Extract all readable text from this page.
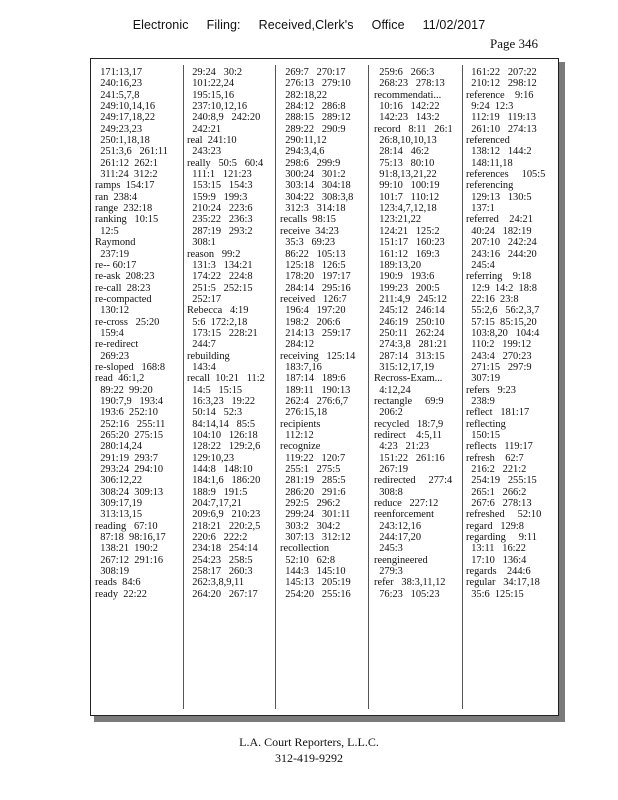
Electronic Filing: Received,Clerk's Office 11/02/2017
Page 346
171:13,17
240:16,23
241:5,7,8
249:10,14,16
249:17,18,22
249:23,23
250:1,18,18
251:3,6   261:11
261:12  262:1
311:24  312:2
ramps  154:17
ran  238:4
range  232:18
ranking   10:15
12:5
Raymond
237:19
re-- 60:17
re-ask  208:23
re-call  28:23
re-compacted
130:12
re-cross   25:20
159:4
re-redirect
269:23
re-sloped   168:8
read  46:1,2
89:22  99:20
190:7,9   193:4
193:6  252:10
252:16   255:11
265:20  275:15
280:14,24
291:19  293:7
293:24  294:10
306:12,22
308:24  309:13
309:17,19
313:13,15
reading   67:10
87:18  98:16,17
138:21  190:2
267:12  291:16
308:19
reads  84:6
ready  22:22
29:24   30:2
101:22,24
195:15,16
237:10,12,16
240:8,9   242:20
242:21
real  241:10
243:23
really   50:5   60:4
111:1   121:23
153:15   154:3
159:9   199:3
210:24   223:6
235:22   236:3
287:19   293:2
308:1
reason   99:2
131:3   134:21
174:22   224:8
251:5   252:15
252:17
Rebecca   4:19
5:6  172:2,18
173:15   228:21
244:7
rebuilding
143:4
recall  10:21   11:2
14:5   15:15
16:3,23   19:22
50:14   52:3
84:14,14   85:5
104:10   126:18
128:22   129:2,6
129:10,23
144:8   148:10
184:1,6   186:20
188:9   191:5
204:7,17,21
209:6,9   210:23
218:21   220:2,5
220:6   222:2
234:18   254:14
254:23   258:5
258:17   260:3
262:3,8,9,11
264:20   267:17
269:7   270:17
276:13   279:10
282:18,22
284:12   286:8
288:15   289:12
289:22   290:9
290:11,12
294:3,4,6
298:6   299:9
300:24   301:2
303:14   304:18
304:22   308:3,8
312:3   314:18
recalls  98:15
receive  34:23
35:3   69:23
86:22   105:13
125:18   126:5
178:20   197:17
284:14   295:16
received   126:7
196:4   197:20
198:2   206:6
214:13   259:17
284:12
receiving   125:14
183:7,16
187:14   189:6
189:11   190:13
262:4   276:6,7
276:15,18
recipients
112:12
recognize
119:22   120:7
255:1   275:5
281:19   285:5
286:20   291:6
292:5   296:2
299:24   301:11
303:2   304:2
307:13   312:12
recollection
52:10   62:8
144:3   145:10
145:13   205:19
254:20   255:16
259:6   266:3
268:23   278:13
recommendati...
10:16   142:22
142:23   143:2
record   8:11   26:1
26:8,10,10,13
28:14   46:2
75:13   80:10
91:8,13,21,22
99:10   100:19
101:7   110:12
123:4,7,12,18
123:21,22
124:21   125:2
151:17   160:23
161:12   169:3
189:13,20
190:9   193:6
199:23   200:5
211:4,9   245:12
245:12   246:14
246:19   250:10
250:11   262:24
274:3,8   281:21
287:14   313:15
315:12,17,19
Recross-Exam...
4:12,24
rectangle     69:9
206:2
recycled   18:7,9
redirect    4:5,11
4:23   21:23
151:22   261:16
267:19
redirected     277:4
308:8
reduce   227:12
reenforcement
243:12,16
244:17,20
245:3
reengineered
279:3
refer   38:3,11,12
76:23   105:23
161:22   207:22
210:12   298:12
reference    9:16
9:24  12:3
112:19   119:13
261:10   274:13
referenced
138:12   144:2
148:11,18
references     105:5
referencing
129:13   130:5
137:1
referred    24:21
40:24   182:19
207:10   242:24
243:16   244:20
245:4
referring    9:18
12:9  14:2  18:8
22:16  23:8
55:2,6   56:2,3,7
57:15  85:15,20
103:8,20   104:4
110:2   199:12
243:4   270:23
271:15   297:9
307:19
refers   9:23
238:9
reflect   181:17
reflecting
150:15
reflects   119:17
refresh    62:7
216:2   221:2
254:19   255:15
265:1   266:2
267:6   278:13
refreshed     52:10
regard   129:8
regarding     9:11
13:11   16:22
17:10   136:4
regards    244:6
regular   34:17,18
35:6  125:15
L.A. Court Reporters, L.L.C.
312-419-9292
